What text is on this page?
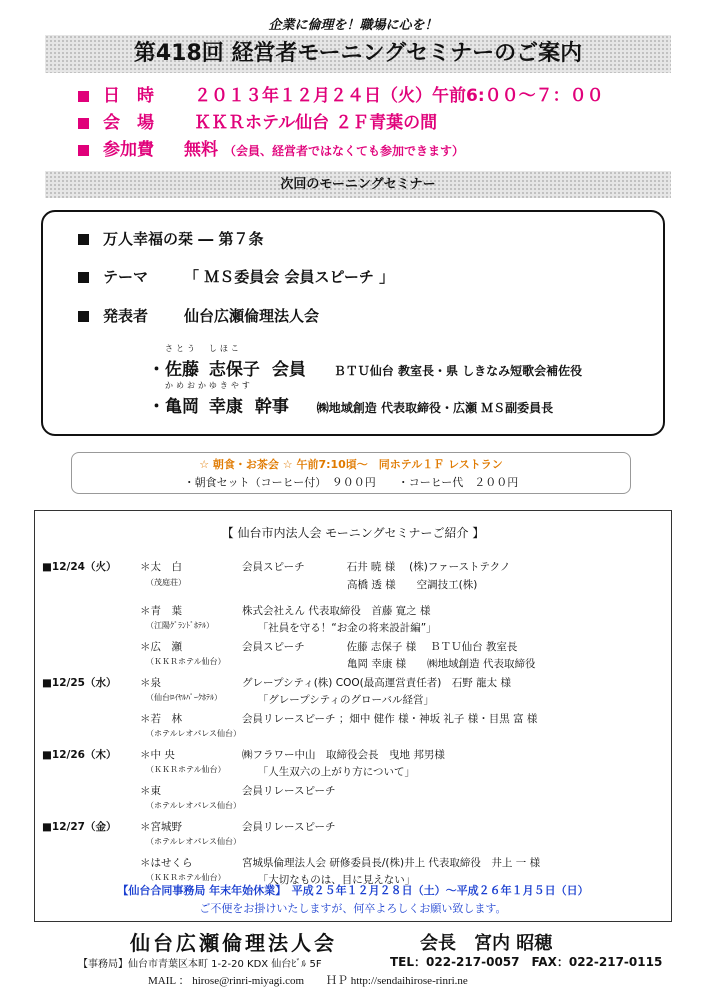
企業に倫理を！職場に心を！
第418回 経営者モーニングセミナーのご案内
日　時 ２０１３年１２月２４日（火）午前6:００〜７：００
会　場 ＫＫＲホテル仙台 ２Ｆ青葉の間
参加費 無料 （会員、経営者ではなくても参加できます）
次回のモーニングセミナー
万人幸福の栞 ― 第７条
テーマ 「 ＭＳ委員会 会員スピーチ 」
発表者 仙台広瀬倫理法人会
・
さとう
佐藤
しほこ
志保子 会員 ＢＴＵ仙台 教室長・県 しきなみ短歌会補佐役
・
かめおか
亀岡
ゆきやす
幸康 幹事 ㈱地域創造 代表取締役・広瀬 ＭＳ副委員長
☆ 朝食・お茶会 ☆ 午前7:10頃〜　同ホテル１Ｆ レストラン
・朝食セット（コーヒー付）　９００円　　・コーヒー代　２００円
【 仙台市内法人会 モーニングセミナーご紹介 】
■12/24（火） ＊太　白
（茂庭荘）
会員スピーチ　　　　石井 暁 様　 (株)ファーストテクノ
　　　　　　　　　　高橋 透 様　　空調技工(株)
＊青　葉
（江陽ｸﾞﾗﾝﾄﾞﾎﾃﾙ）
株式会社えん 代表取締役　首藤 寛之 様
　　「社員を守る！“お金の将来設計編”」
＊広　瀬
（ＫＫＲホテル仙台）
会員スピーチ　　　　佐藤 志保子 様　 ＢＴＵ仙台 教室長
　　　　　　　　　　亀岡 幸康 様　　㈱地域創造 代表取締役
■12/25（水） ＊泉
（仙台ﾛｲﾔﾙﾊﾟｰｸﾎﾃﾙ）
グレープシティ(株) COO(最高運営責任者)　石野 龍太 様
　　「グレープシティのグローバル経営」
＊若　林
（ホテルレオパレス仙台）
会員リレースピーチ ；畑中 健作 様・神坂 礼子 様・目黒 富 様
■12/26（木） ＊中 央
（ＫＫＲホテル仙台）
㈱フラワー中山　取締役会長　曳地 邦男様
　　「人生双六の上がり方について」
＊東
（ホテルレオパレス仙台）
会員リレースピーチ
■12/27（金） ＊宮城野
（ホテルレオパレス仙台）
会員リレースピーチ
＊はせくら
（ＫＫＲホテル仙台）
宮城県倫理法人会 研修委員長/(株)井上 代表取締役　井上 一 様
　　「大切なものは、目に見えない」
【仙台合同事務局 年末年始休業】　平成２５年１２月２８日（土）〜平成２６年１月５日（日）
ご不便をお掛けいたしますが、何卒よろしくお願い致します。
仙台広瀬倫理法人会	会長　宮内 昭穂
【事務局】仙台市青葉区本町 1-2-20 KDX 仙台ﾋﾞﾙ 5F	TEL：022-217-0057　FAX：022-217-0115
MAIL ： hirose@rinri-miyagi.com　　ＨＰ http://sendaihirose-rinri.ne
